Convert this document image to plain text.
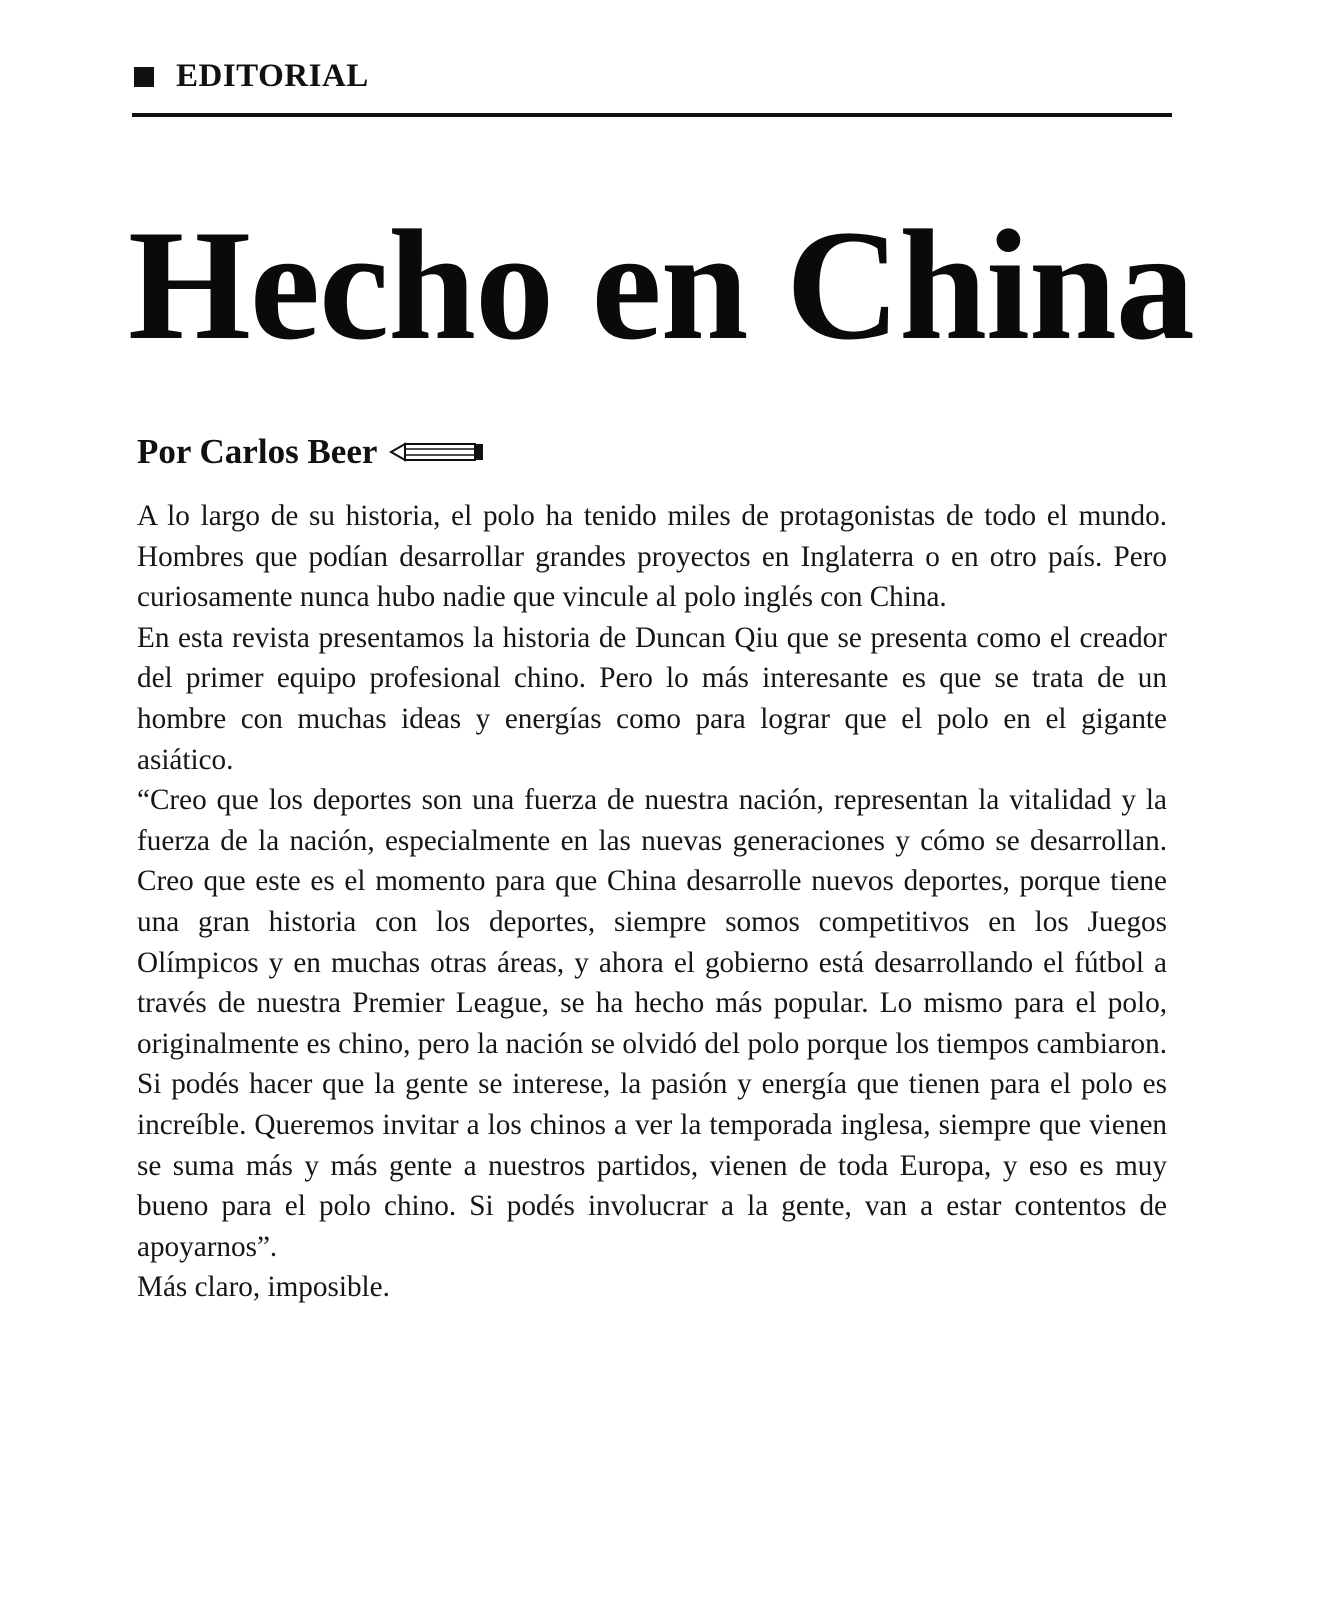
EDITORIAL
Hecho en China
Por Carlos Beer

A lo largo de su historia, el polo ha tenido miles de protagonistas de todo el mundo. Hombres que podían desarrollar grandes proyectos en Inglaterra o en otro país. Pero curiosamente nunca hubo nadie que vincule al polo inglés con China.

En esta revista presentamos la historia de Duncan Qiu que se presenta como el creador del primer equipo profesional chino. Pero lo más interesante es que se trata de un hombre con muchas ideas y energías como para lograr que el polo en el gigante asiático.

“Creo que los deportes son una fuerza de nuestra nación, representan la vitalidad y la fuerza de la nación, especialmente en las nuevas generaciones y cómo se desarrollan. Creo que este es el momento para que China desarrolle nuevos deportes, porque tiene una gran historia con los deportes, siempre somos competitivos en los Juegos Olímpicos y en muchas otras áreas, y ahora el gobierno está desarrollando el fútbol a través de nuestra Premier League, se ha hecho más popular. Lo mismo para el polo, originalmente es chino, pero la nación se olvidó del polo porque los tiempos cambiaron. Si podés hacer que la gente se interese, la pasión y energía que tienen para el polo es increíble. Queremos invitar a los chinos a ver la temporada inglesa, siempre que vienen se suma más y más gente a nuestros partidos, vienen de toda Europa, y eso es muy bueno para el polo chino. Si podés involucrar a la gente, van a estar contentos de apoyarnos”.

Más claro, imposible.
